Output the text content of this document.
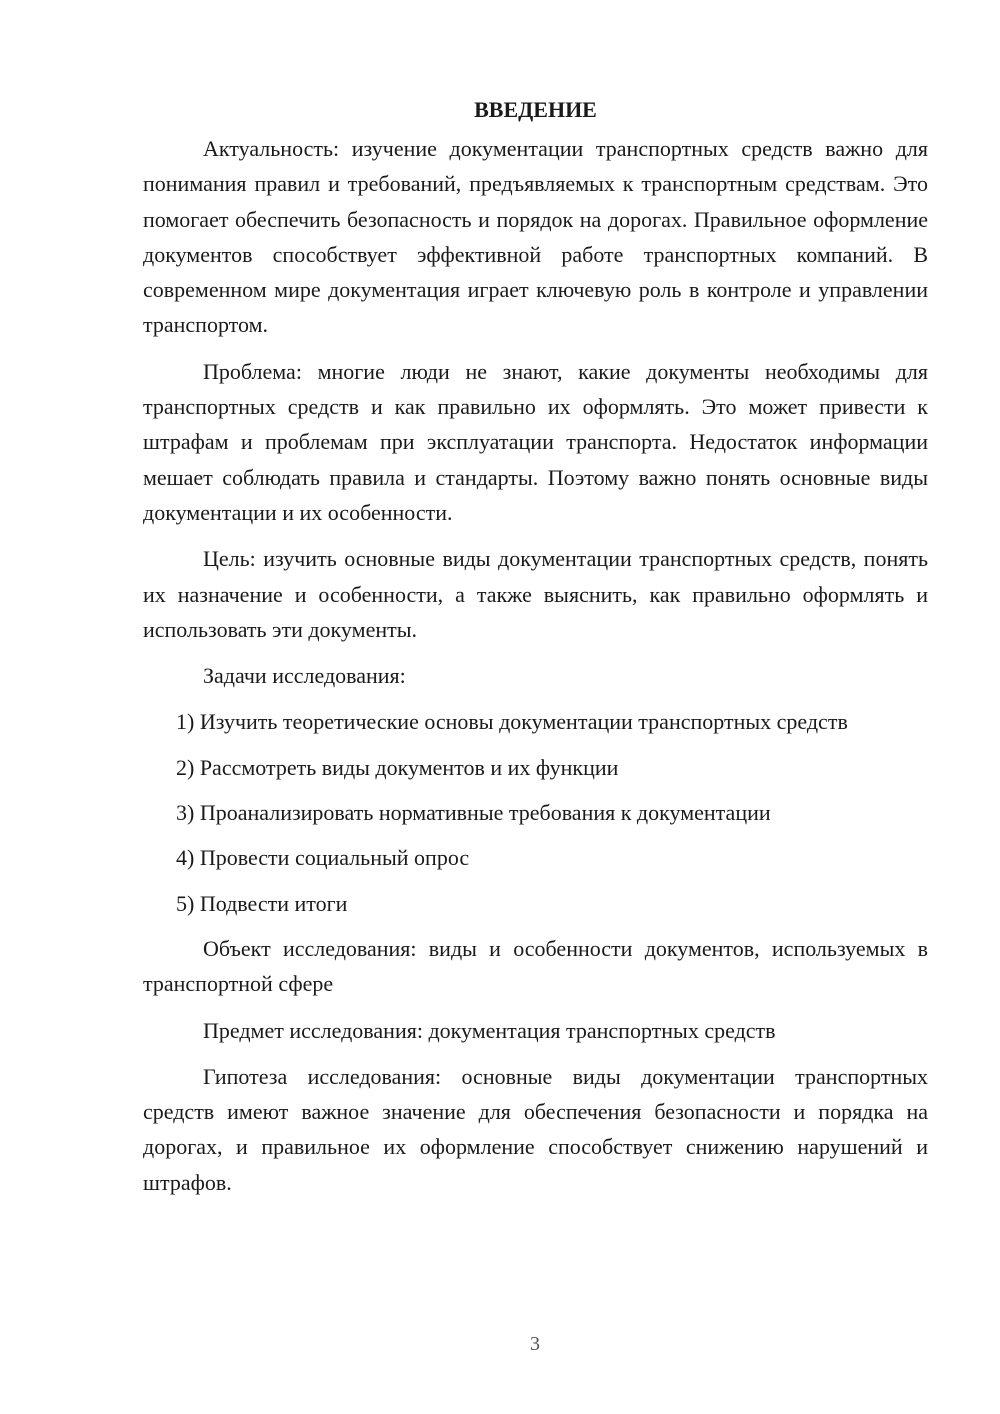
ВВЕДЕНИЕ

Актуальность: изучение документации транспортных средств важно для понимания правил и требований, предъявляемых к транспортным средствам. Это помогает обеспечить безопасность и порядок на дорогах. Правильное оформление документов способствует эффективной работе транспортных компаний. В современном мире документация играет ключевую роль в контроле и управлении транспортом.

Проблема: многие люди не знают, какие документы необходимы для транспортных средств и как правильно их оформлять. Это может привести к штрафам и проблемам при эксплуатации транспорта. Недостаток информации мешает соблюдать правила и стандарты. Поэтому важно понять основные виды документации и их особенности.

Цель: изучить основные виды документации транспортных средств, понять их назначение и особенности, а также выяснить, как правильно оформлять и использовать эти документы.

Задачи исследования:

1) Изучить теоретические основы документации транспортных средств

2) Рассмотреть виды документов и их функции

3) Проанализировать нормативные требования к документации

4) Провести социальный опрос

5) Подвести итоги

Объект исследования: виды и особенности документов, используемых в транспортной сфере

Предмет исследования: документация транспортных средств

Гипотеза исследования: основные виды документации транспортных средств имеют важное значение для обеспечения безопасности и порядка на дорогах, и правильное их оформление способствует снижению нарушений и штрафов.

3
